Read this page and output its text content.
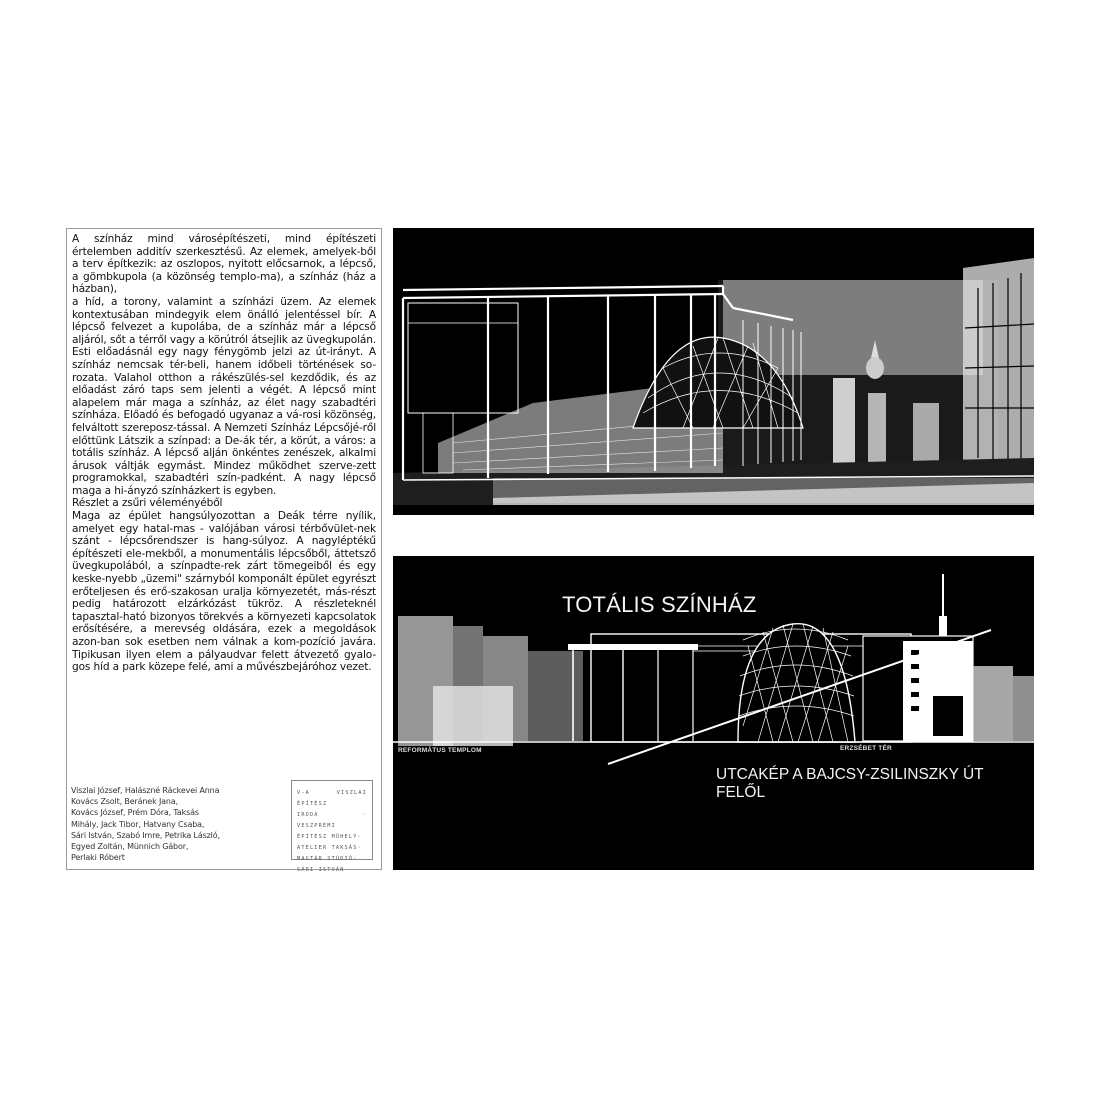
A színház mind városépítészeti, mind építészeti értelemben additív szerkesztésű. Az elemek, amelyek-ből a terv építkezik: az oszlopos, nyitott előcsarnok, a lépcső, a gömbkupola (a közönség templo-ma), a színház (ház a házban),

a híd, a torony, valamint a színházi üzem. Az elemek kontextusában mindegyik elem önálló jelentéssel bír. A lépcső felvezet a kupolába, de a színház már a lépcső aljáról, sőt a térről vagy a körútról átsejlik az üvegkupolán. Esti előadásnál egy nagy fénygömb jelzi az út-irányt. A színház nemcsak tér-beli, hanem időbeli történések so-rozata. Valahol otthon a rákészülés-sel kezdődik, és az előadást záró taps sem jelenti a végét. A lépcső mint alapelem már maga a színház, az élet nagy szabadtéri színháza. Előadó és befogadó ugyanaz a vá-rosi közönség, felváltott szereposz-tással. A Nemzeti Színház Lépcsőjé-ről előttünk Látszik a színpad: a De-ák tér, a körút, a város: a totális színház. A lépcső alján önkéntes zenészek, alkalmi árusok váltják egymást. Mindez működhet szerve-zett programokkal, szabadtéri szín-padként. A nagy lépcső maga a hi-ányzó színházkert is egyben.

Részlet a zsűri véleményéből

Maga az épület hangsúlyozottan a Deák térre nyílik, amelyet egy hatal-mas - valójában városi térbővület-nek szánt - lépcsőrendszer is hang-súlyoz. A nagyléptékű építészeti ele-mekből, a monumentális lépcsőből, áttetsző üvegkupolából, a színpadte-rek zárt tömegeiből és egy keske-nyebb „üzemi" szárnyból komponált épület egyrészt erőteljesen és erő-szakosan uralja környezetét, más-részt pedig határozott elzárkózást tükröz. A részleteknél tapasztal-ható bizonyos törekvés a környezeti kapcsolatok erősítésére, a merevség oldására, ezek a megoldások azon-ban sok esetben nem válnak a kom-pozíció javára. Tipikusan ilyen elem a pályaudvar felett átvezető gyalo-gos híd a park közepe felé, ami a művészbejáróhoz vezet.

Viszlai József, Halászné Ráckevei Anna
Kovács Zsolt, Beránek Jana,
Kovács József, Prém Dóra, Taksás
Mihály, Jack Tibor, Hatvany Csaba,
Sári István, Szabó Imre, Petrika László,
Egyed Zoltán, Münnich Gábor,
Perlaki Róbert
V-A VISZLAI ÉPÍTÉSZ
IRODA · VESZPRÉMI
ÉPÍTÉSZ MŰHELY·
ATELIER TAKSÁS·
MAGTÁR STÚDIÓ·
SÁRI ISTVÁN
TOTÁLIS SZÍNHÁZ
REFORMÁTUS TEMPLOM	ERZSÉBET TÉR
UTCAKÉP A BAJCSY-ZSILINSZKY ÚT FELŐL
